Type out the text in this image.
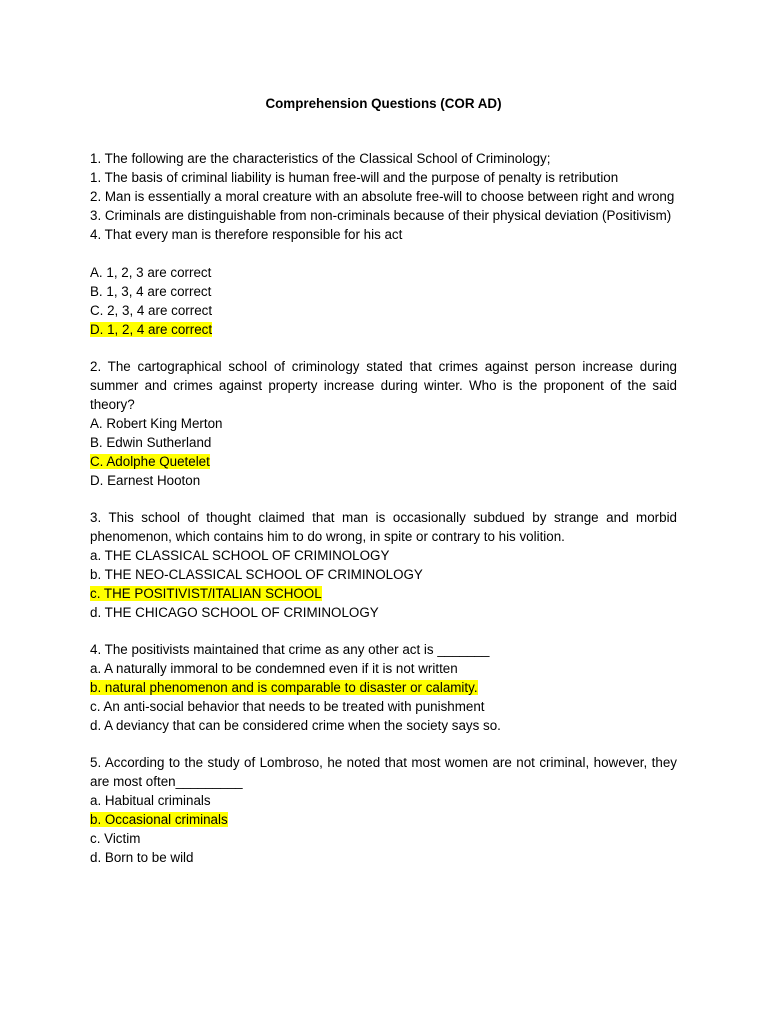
Comprehension Questions (COR AD)
1. The following are the characteristics of the Classical School of Criminology;
1. The basis of criminal liability is human free-will and the purpose of penalty is retribution
2. Man is essentially a moral creature with an absolute free-will to choose between right and wrong
3. Criminals are distinguishable from non-criminals because of their physical deviation (Positivism)
4. That every man is therefore responsible for his act
A. 1, 2, 3 are correct
B. 1, 3, 4 are correct
C. 2, 3, 4 are correct
D. 1, 2, 4 are correct
2. The cartographical school of criminology stated that crimes against person increase during summer and crimes against property increase during winter. Who is the proponent of the said theory?
A. Robert King Merton
B. Edwin Sutherland
C. Adolphe Quetelet
D. Earnest Hooton
3. This school of thought claimed that man is occasionally subdued by strange and morbid phenomenon, which contains him to do wrong, in spite or contrary to his volition.
a. THE CLASSICAL SCHOOL OF CRIMINOLOGY
b. THE NEO-CLASSICAL SCHOOL OF CRIMINOLOGY
c. THE POSITIVIST/ITALIAN SCHOOL
d. THE CHICAGO SCHOOL OF CRIMINOLOGY
4. The positivists maintained that crime as any other act is _______
a. A naturally immoral to be condemned even if it is not written
b. natural phenomenon and is comparable to disaster or calamity.
c. An anti-social behavior that needs to be treated with punishment
d. A deviancy that can be considered crime when the society says so.
5. According to the study of Lombroso, he noted that most women are not criminal, however, they are most often_________
a. Habitual criminals
b. Occasional criminals
c. Victim
d. Born to be wild
